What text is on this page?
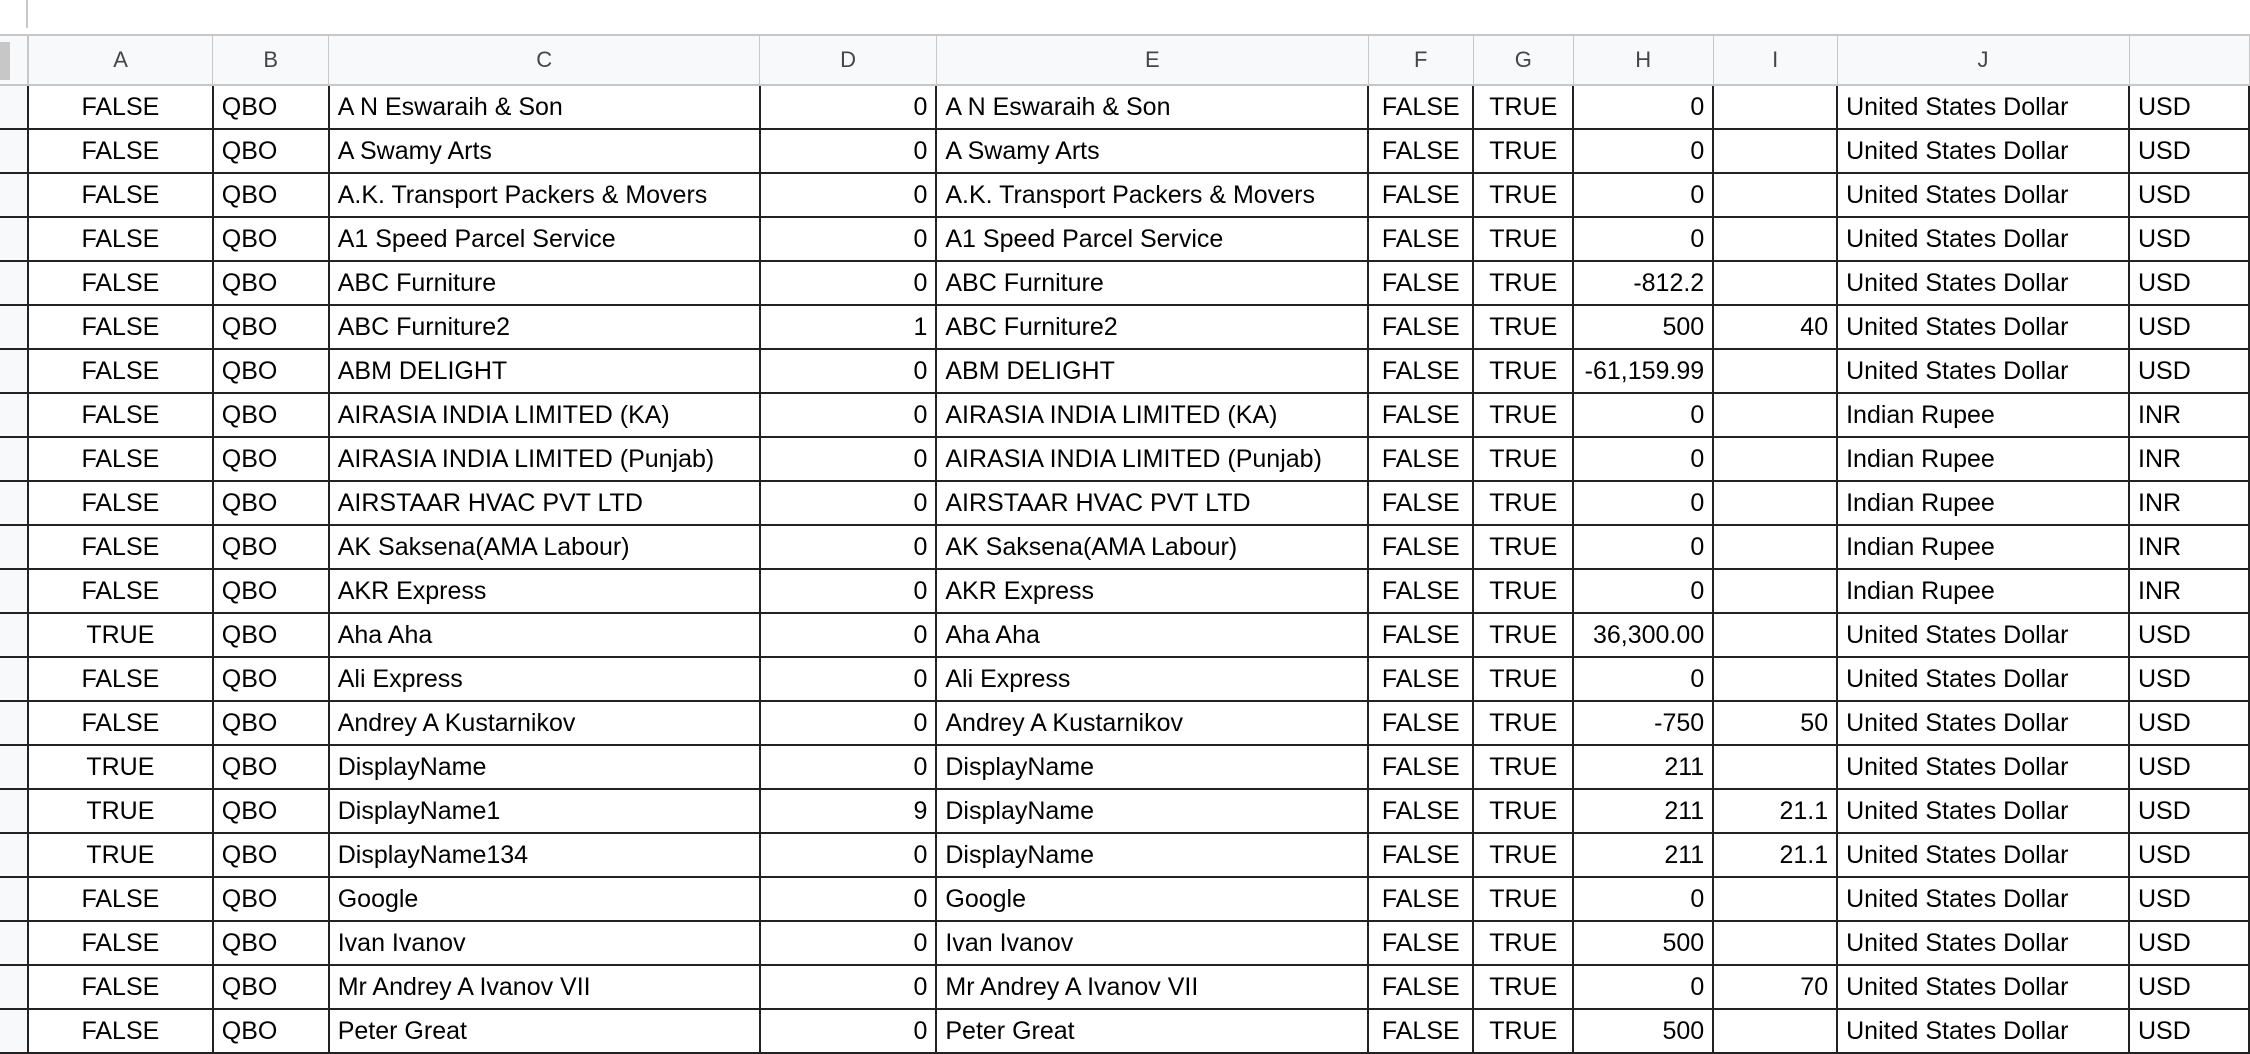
	A	B	C	D	E	F	G	H	I	J	
	FALSE	QBO	A N Eswaraih & Son	0	A N Eswaraih & Son	FALSE	TRUE	0		United States Dollar	USD
	FALSE	QBO	A Swamy Arts	0	A Swamy Arts	FALSE	TRUE	0		United States Dollar	USD
	FALSE	QBO	A.K. Transport Packers & Movers	0	A.K. Transport Packers & Movers	FALSE	TRUE	0		United States Dollar	USD
	FALSE	QBO	A1 Speed Parcel Service	0	A1 Speed Parcel Service	FALSE	TRUE	0		United States Dollar	USD
	FALSE	QBO	ABC Furniture	0	ABC Furniture	FALSE	TRUE	-812.2		United States Dollar	USD
	FALSE	QBO	ABC Furniture2	1	ABC Furniture2	FALSE	TRUE	500	40	United States Dollar	USD
	FALSE	QBO	ABM DELIGHT	0	ABM DELIGHT	FALSE	TRUE	-61,159.99		United States Dollar	USD
	FALSE	QBO	AIRASIA INDIA LIMITED (KA)	0	AIRASIA INDIA LIMITED (KA)	FALSE	TRUE	0		Indian Rupee	INR
	FALSE	QBO	AIRASIA INDIA LIMITED (Punjab)	0	AIRASIA INDIA LIMITED (Punjab)	FALSE	TRUE	0		Indian Rupee	INR
	FALSE	QBO	AIRSTAAR HVAC PVT LTD	0	AIRSTAAR HVAC PVT LTD	FALSE	TRUE	0		Indian Rupee	INR
	FALSE	QBO	AK Saksena(AMA Labour)	0	AK Saksena(AMA Labour)	FALSE	TRUE	0		Indian Rupee	INR
	FALSE	QBO	AKR Express	0	AKR Express	FALSE	TRUE	0		Indian Rupee	INR
	TRUE	QBO	Aha Aha	0	Aha Aha	FALSE	TRUE	36,300.00		United States Dollar	USD
	FALSE	QBO	Ali Express	0	Ali Express	FALSE	TRUE	0		United States Dollar	USD
	FALSE	QBO	Andrey A Kustarnikov	0	Andrey A Kustarnikov	FALSE	TRUE	-750	50	United States Dollar	USD
	TRUE	QBO	DisplayName	0	DisplayName	FALSE	TRUE	211		United States Dollar	USD
	TRUE	QBO	DisplayName1	9	DisplayName	FALSE	TRUE	211	21.1	United States Dollar	USD
	TRUE	QBO	DisplayName134	0	DisplayName	FALSE	TRUE	211	21.1	United States Dollar	USD
	FALSE	QBO	Google	0	Google	FALSE	TRUE	0		United States Dollar	USD
	FALSE	QBO	Ivan Ivanov	0	Ivan Ivanov	FALSE	TRUE	500		United States Dollar	USD
	FALSE	QBO	Mr Andrey A Ivanov VII	0	Mr Andrey A Ivanov VII	FALSE	TRUE	0	70	United States Dollar	USD
	FALSE	QBO	Peter Great	0	Peter Great	FALSE	TRUE	500		United States Dollar	USD
